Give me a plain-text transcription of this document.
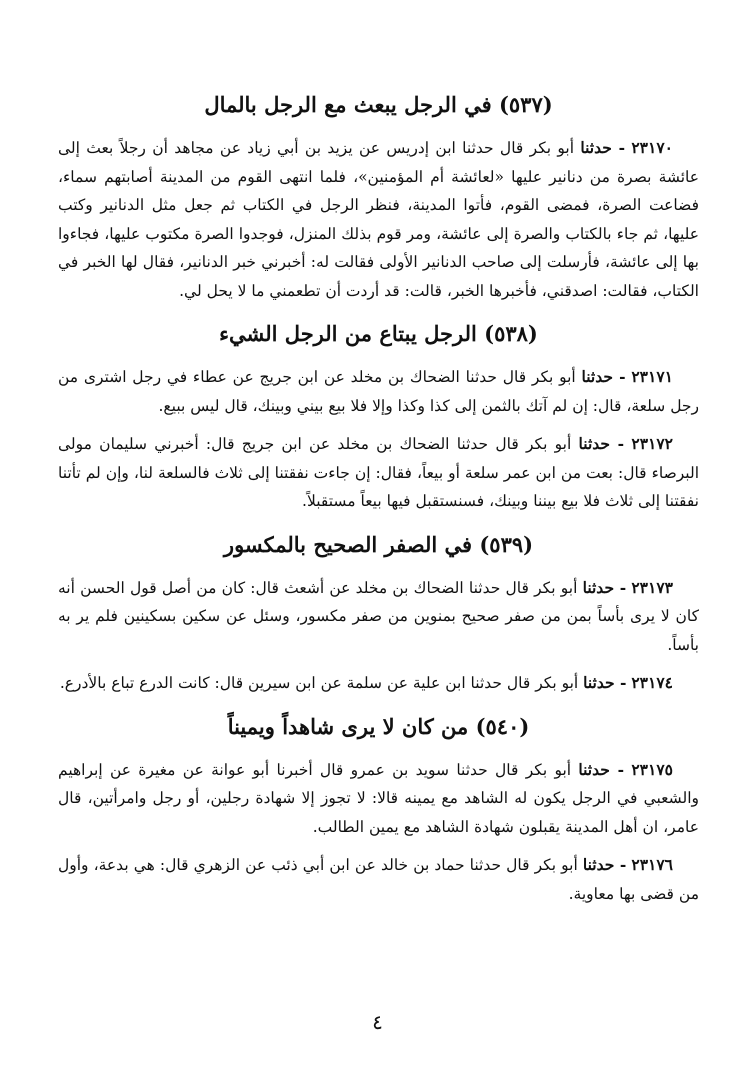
(٥٣٧) في الرجل يبعث مع الرجل بالمال

٢٣١٧٠ - حدثنا أبو بكر قال حدثنا ابن إدريس عن يزيد بن أبي زياد عن مجاهد أن رجلاً بعث إلى عائشة بصرة من دنانير عليها «لعائشة أم المؤمنين»، فلما انتهى القوم من المدينة أصابتهم سماء، فضاعت الصرة، فمضى القوم، فأتوا المدينة، فنظر الرجل في الكتاب ثم جعل مثل الدنانير وكتب عليها، ثم جاء بالكتاب والصرة إلى عائشة، ومر قوم بذلك المنزل، فوجدوا الصرة مكتوب عليها، فجاءوا بها إلى عائشة، فأرسلت إلى صاحب الدنانير الأولى فقالت له: أخبرني خبر الدنانير، فقال لها الخبر في الكتاب، فقالت: اصدقني، فأخبرها الخبر، قالت: قد أردت أن تطعمني ما لا يحل لي.

(٥٣٨) الرجل يبتاع من الرجل الشيء

٢٣١٧١ - حدثنا أبو بكر قال حدثنا الضحاك بن مخلد عن ابن جريج عن عطاء في رجل اشترى من رجل سلعة، قال: إن لم آتك بالثمن إلى كذا وكذا وإلا فلا بيع بيني وبينك، قال ليس ببيع.

٢٣١٧٢ - حدثنا أبو بكر قال حدثنا الضحاك بن مخلد عن ابن جريج قال: أخبرني سليمان مولى البرصاء قال: بعت من ابن عمر سلعة أو بيعاً، فقال: إن جاءت نفقتنا إلى ثلاث فالسلعة لنا، وإن لم تأتنا نفقتنا إلى ثلاث فلا بيع بيننا وبينك، فسنستقبل فيها بيعاً مستقبلاً.

(٥٣٩) في الصفر الصحيح بالمكسور

٢٣١٧٣ - حدثنا أبو بكر قال حدثنا الضحاك بن مخلد عن أشعث قال: كان من أصل قول الحسن أنه كان لا يرى بأساً بمن من صفر صحيح بمنوين من صفر مكسور، وسئل عن سكين بسكينين فلم ير به بأساً.

٢٣١٧٤ - حدثنا أبو بكر قال حدثنا ابن علية عن سلمة عن ابن سيرين قال: كانت الدرع تباع بالأدرع.

(٥٤٠) من كان لا يرى شاهداً ويميناً

٢٣١٧٥ - حدثنا أبو بكر قال حدثنا سويد بن عمرو قال أخبرنا أبو عوانة عن مغيرة عن إبراهيم والشعبي في الرجل يكون له الشاهد مع يمينه قالا: لا تجوز إلا شهادة رجلين، أو رجل وامرأتين، قال عامر، ان أهل المدينة يقبلون شهادة الشاهد مع يمين الطالب.

٢٣١٧٦ - حدثنا أبو بكر قال حدثنا حماد بن خالد عن ابن أبي ذئب عن الزهري قال: هي بدعة، وأول من قضى بها معاوية.

٤
